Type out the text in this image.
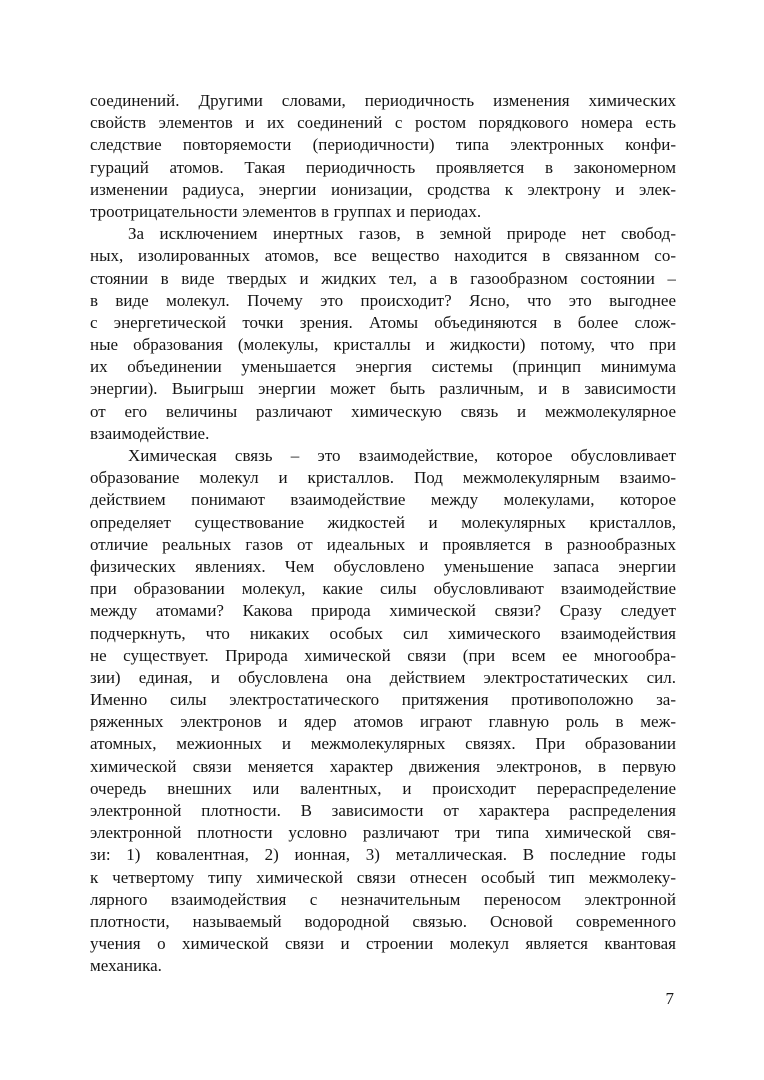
соединений. Другими словами, периодичность изменения химических
свойств элементов и их соединений с ростом порядкового номера есть
следствие повторяемости (периодичности) типа электронных конфи-
гураций атомов. Такая периодичность проявляется в закономерном
изменении радиуса, энергии ионизации, сродства к электрону и элек-
троотрицательности элементов в группах и периодах.
За исключением инертных газов, в земной природе нет свобод-
ных, изолированных атомов, все вещество находится в связанном со-
стоянии в виде твердых и жидких тел, а в газообразном состоянии –
в виде молекул. Почему это происходит? Ясно, что это выгоднее
с энергетической точки зрения. Атомы объединяются в более слож-
ные образования (молекулы, кристаллы и жидкости) потому, что при
их объединении уменьшается энергия системы (принцип минимума
энергии). Выигрыш энергии может быть различным, и в зависимости
от его величины различают химическую связь и межмолекулярное
взаимодействие.
Химическая связь – это взаимодействие, которое обусловливает
образование молекул и кристаллов. Под межмолекулярным взаимо-
действием понимают взаимодействие между молекулами, которое
определяет существование жидкостей и молекулярных кристаллов,
отличие реальных газов от идеальных и проявляется в разнообразных
физических явлениях. Чем обусловлено уменьшение запаса энергии
при образовании молекул, какие силы обусловливают взаимодействие
между атомами? Какова природа химической связи? Сразу следует
подчеркнуть, что никаких особых сил химического взаимодействия
не существует. Природа химической связи (при всем ее многообра-
зии) единая, и обусловлена она действием электростатических сил.
Именно силы электростатического притяжения противоположно за-
ряженных электронов и ядер атомов играют главную роль в меж-
атомных, межионных и межмолекулярных связях. При образовании
химической связи меняется характер движения электронов, в первую
очередь внешних или валентных, и происходит перераспределение
электронной плотности. В зависимости от характера распределения
электронной плотности условно различают три типа химической свя-
зи: 1) ковалентная, 2) ионная, 3) металлическая. В последние годы
к четвертому типу химической связи отнесен особый тип межмолеку-
лярного взаимодействия с незначительным переносом электронной
плотности, называемый водородной связью. Основой современного
учения о химической связи и строении молекул является квантовая
механика.
7
